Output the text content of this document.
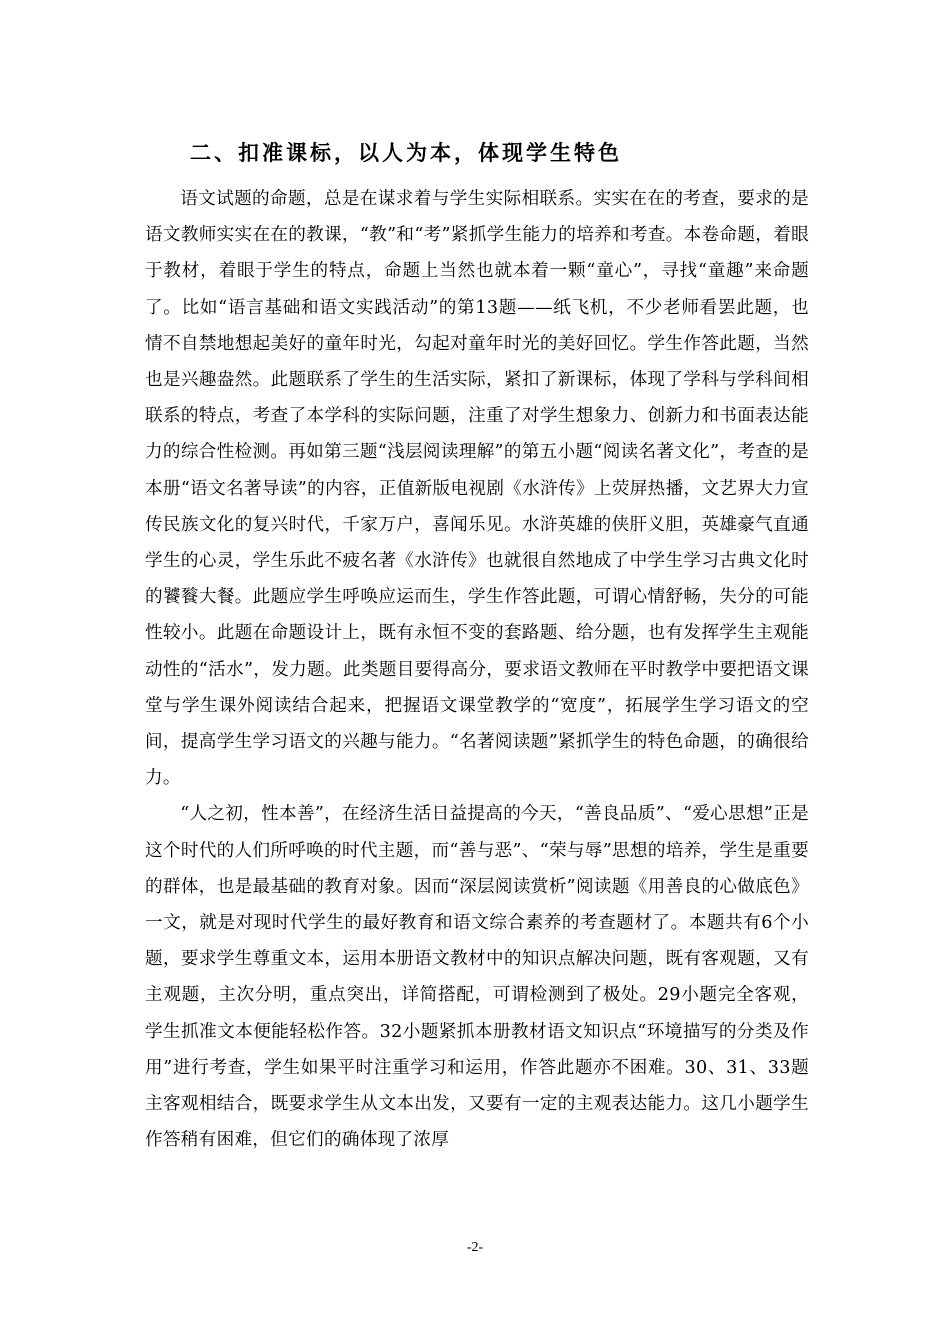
二、扣准课标，以人为本，体现学生特色

语文试题的命题，总是在谋求着与学生实际相联系。实实在在的考查，要求的是语文教师实实在在的教课，“教”和“考”紧抓学生能力的培养和考查。本卷命题，着眼于教材，着眼于学生的特点，命题上当然也就本着一颗“童心”，寻找“童趣”来命题了。比如“语言基础和语文实践活动”的第13题——纸飞机，不少老师看罢此题，也情不自禁地想起美好的童年时光，勾起对童年时光的美好回忆。学生作答此题，当然也是兴趣盎然。此题联系了学生的生活实际，紧扣了新课标，体现了学科与学科间相联系的特点，考查了本学科的实际问题，注重了对学生想象力、创新力和书面表达能力的综合性检测。再如第三题“浅层阅读理解”的第五小题“阅读名著文化”，考查的是本册“语文名著导读”的内容，正值新版电视剧《水浒传》上荧屏热播，文艺界大力宣传民族文化的复兴时代，千家万户，喜闻乐见。水浒英雄的侠肝义胆，英雄豪气直通学生的心灵，学生乐此不疲名著《水浒传》也就很自然地成了中学生学习古典文化时的饕餮大餐。此题应学生呼唤应运而生，学生作答此题，可谓心情舒畅，失分的可能性较小。此题在命题设计上，既有永恒不变的套路题、给分题，也有发挥学生主观能动性的“活水”，发力题。此类题目要得高分，要求语文教师在平时教学中要把语文课堂与学生课外阅读结合起来，把握语文课堂教学的“宽度”，拓展学生学习语文的空间，提高学生学习语文的兴趣与能力。“名著阅读题”紧抓学生的特色命题，的确很给力。

“人之初，性本善”，在经济生活日益提高的今天，“善良品质”、“爱心思想”正是这个时代的人们所呼唤的时代主题，而“善与恶”、“荣与辱”思想的培养，学生是重要的群体，也是最基础的教育对象。因而“深层阅读赏析”阅读题《用善良的心做底色》一文，就是对现时代学生的最好教育和语文综合素养的考查题材了。本题共有6个小题，要求学生尊重文本，运用本册语文教材中的知识点解决问题，既有客观题，又有主观题，主次分明，重点突出，详简搭配，可谓检测到了极处。29小题完全客观，学生抓准文本便能轻松作答。32小题紧抓本册教材语文知识点“环境描写的分类及作用”进行考查，学生如果平时注重学习和运用，作答此题亦不困难。30、31、33题主客观相结合，既要求学生从文本出发，又要有一定的主观表达能力。这几小题学生作答稍有困难，但它们的确体现了浓厚

-2-
